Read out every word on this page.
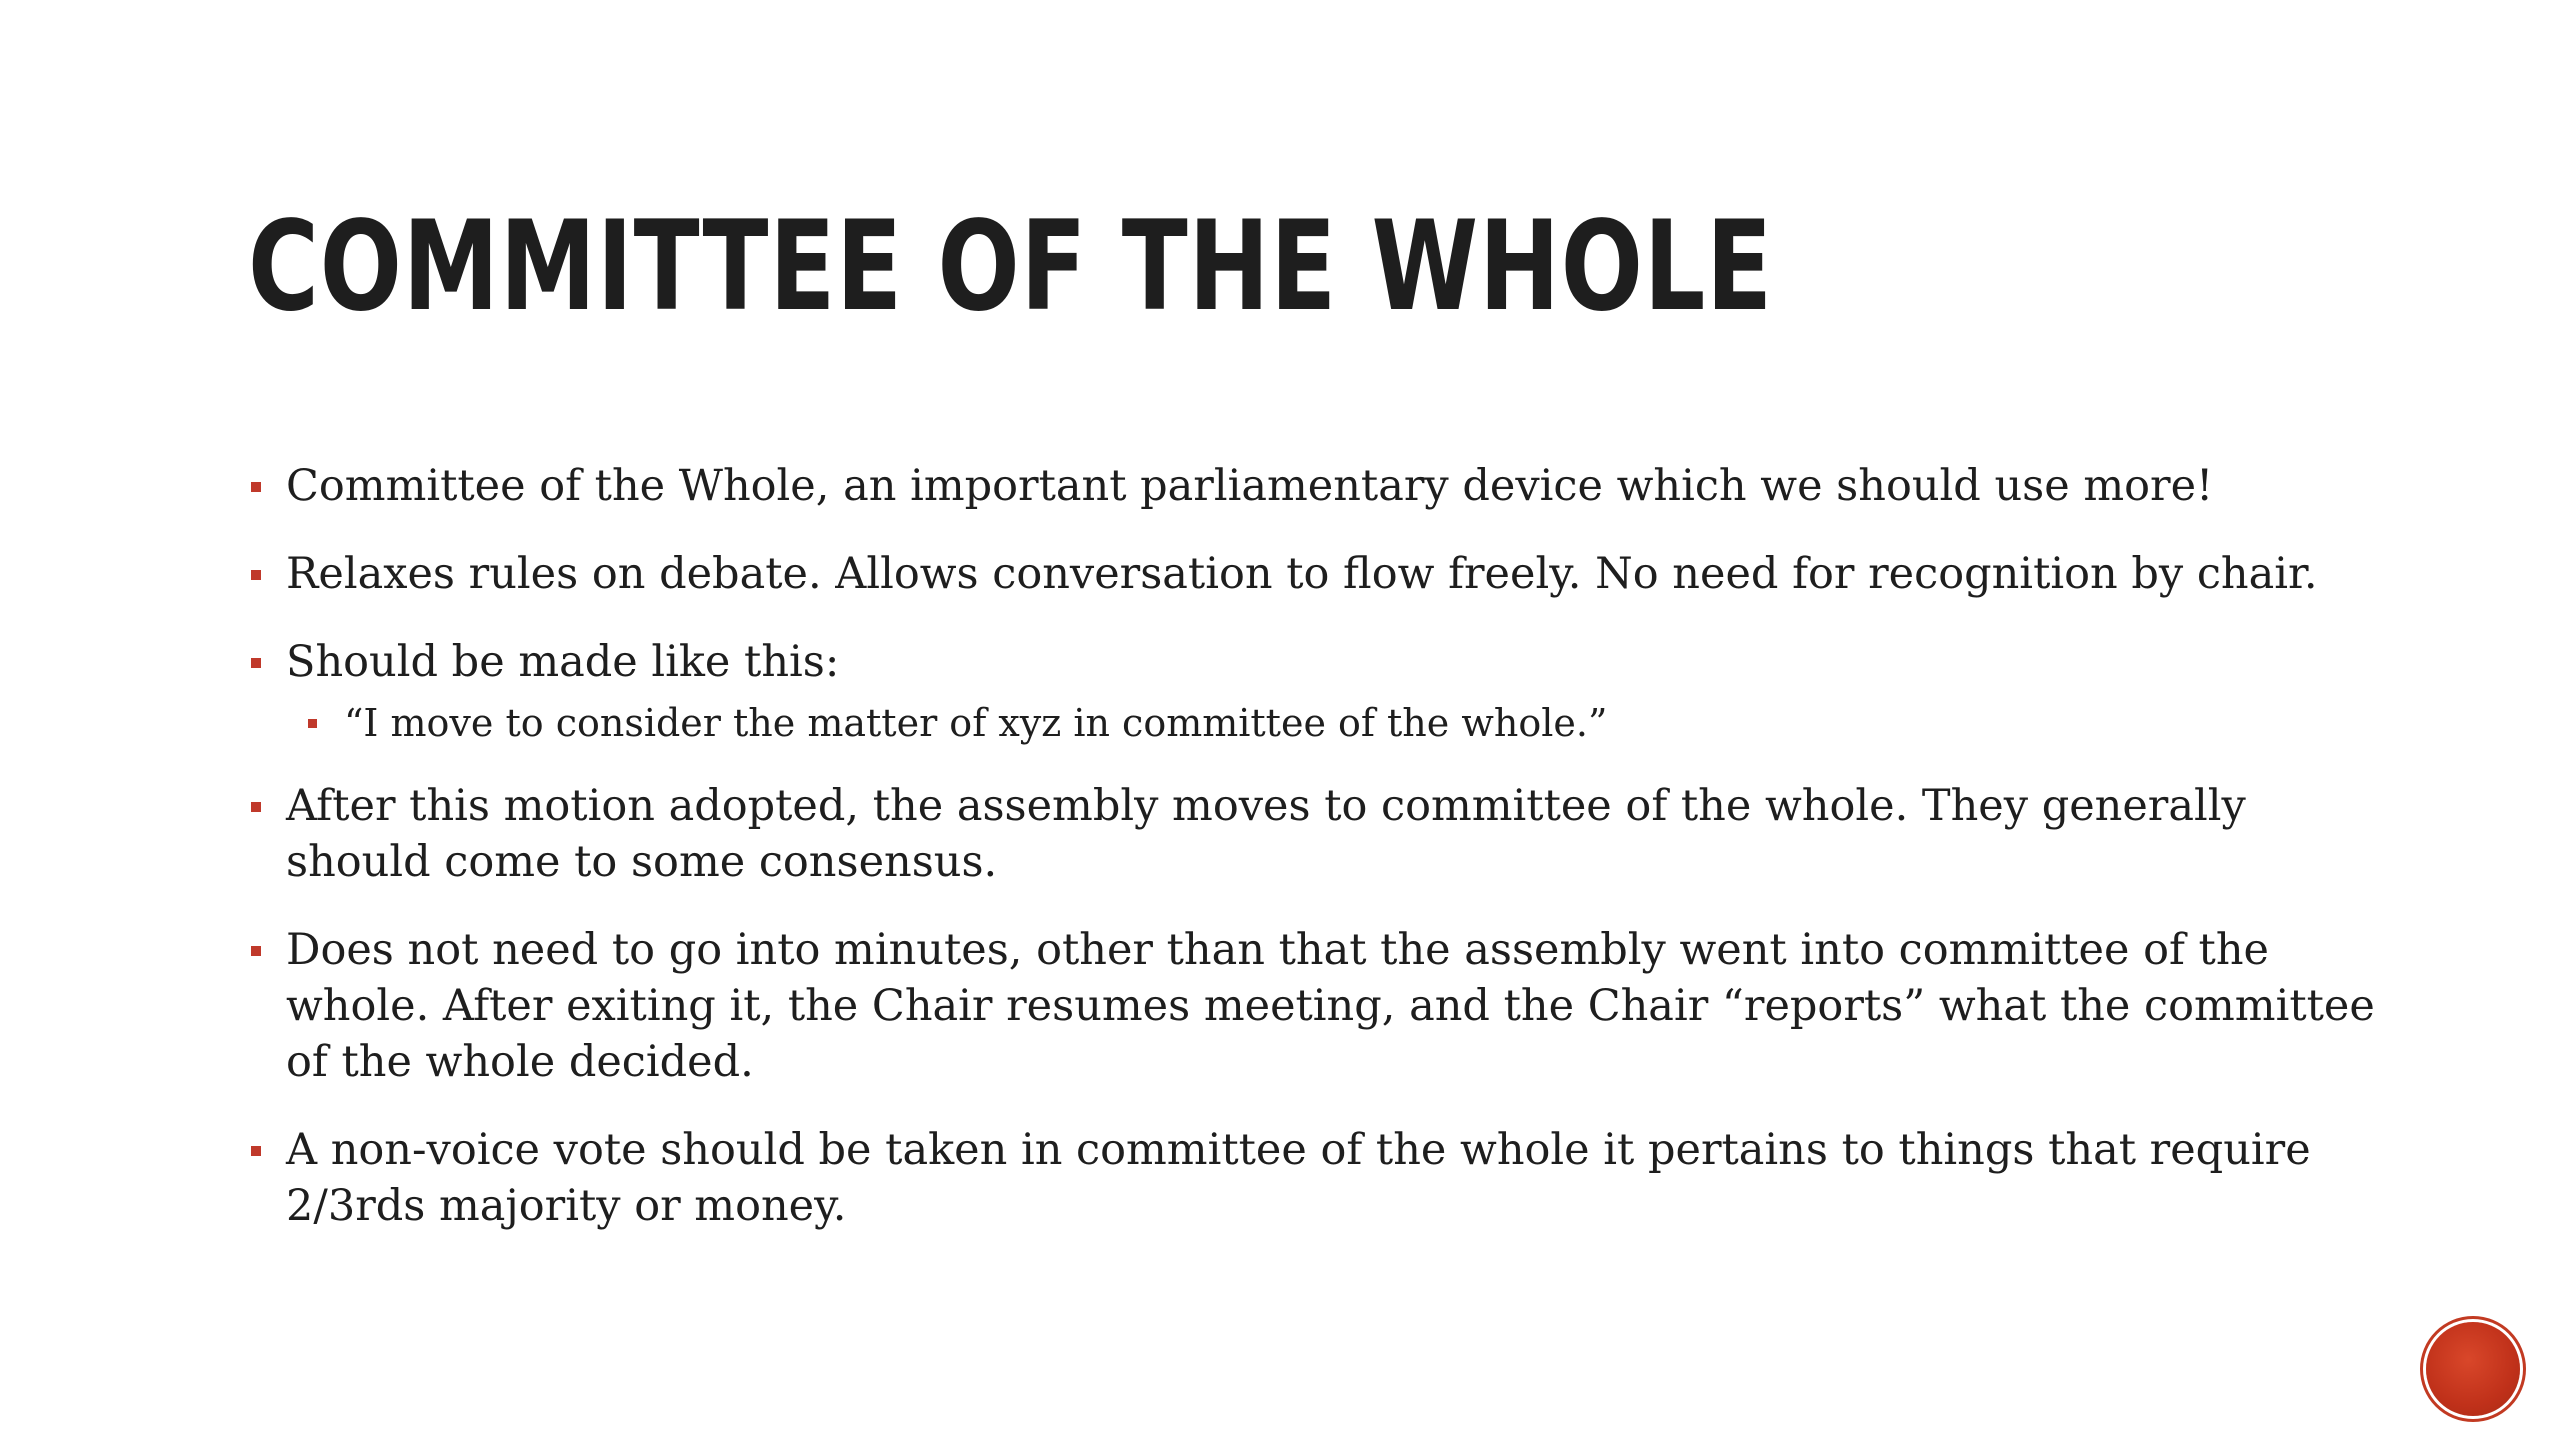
COMMITTEE OF THE WHOLE
Committee of the Whole, an important parliamentary device which we should use more!
Relaxes rules on debate. Allows conversation to flow freely. No need for recognition by chair.
Should be made like this:
“I move to consider the matter of xyz in committee of the whole.”
After this motion adopted, the assembly moves to committee of the whole. They generally should come to some consensus.
Does not need to go into minutes, other than that the assembly went into committee of the whole. After exiting it, the Chair resumes meeting, and the Chair “reports” what the committee of the whole decided.
A non-voice vote should be taken in committee of the whole it pertains to things that require 2/3rds majority or money.
